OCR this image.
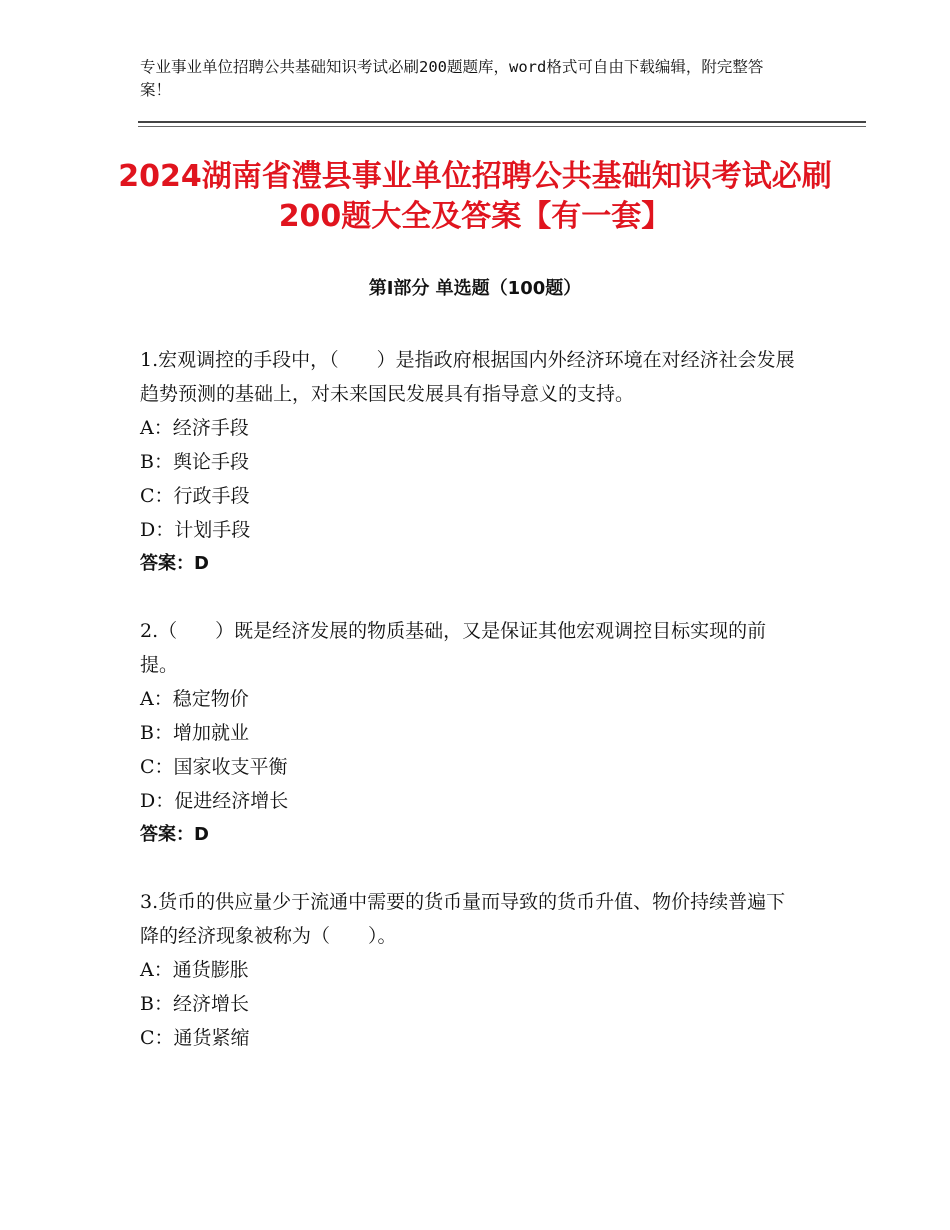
专业事业单位招聘公共基础知识考试必刷200题题库，word格式可自由下载编辑，附完整答案！
2024湖南省澧县事业单位招聘公共基础知识考试必刷200题大全及答案【有一套】
第Ⅰ部分 单选题（100题）

1.宏观调控的手段中，（　　）是指政府根据国内外经济环境在对经济社会发展趋势预测的基础上，对未来国民发展具有指导意义的支持。

A：经济手段

B：舆论手段

C：行政手段

D：计划手段

答案：D

2.（　　）既是经济发展的物质基础，又是保证其他宏观调控目标实现的前提。

A：稳定物价

B：增加就业

C：国家收支平衡

D：促进经济增长

答案：D

3.货币的供应量少于流通中需要的货币量而导致的货币升值、物价持续普遍下降的经济现象被称为（　　）。

A：通货膨胀

B：经济增长

C：通货紧缩
